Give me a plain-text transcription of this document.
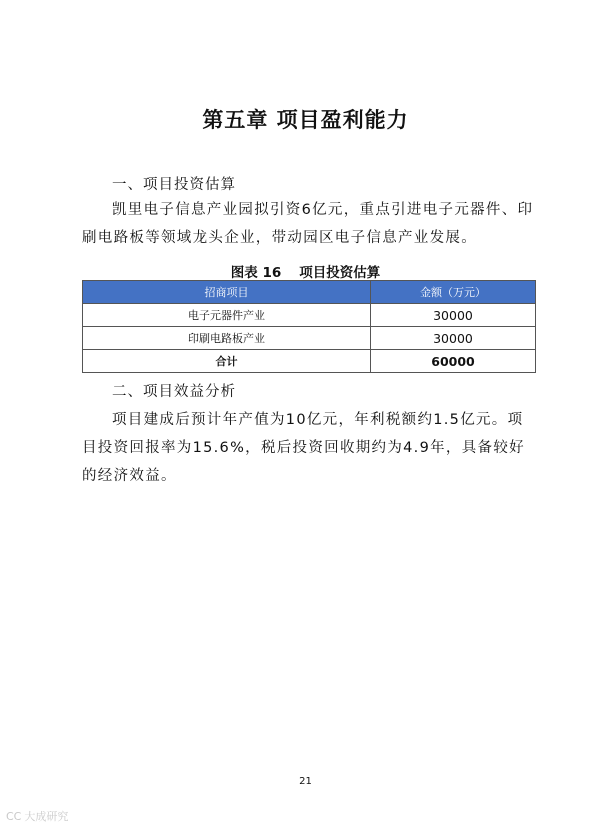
第五章 项目盈利能力
一、项目投资估算

凯里电子信息产业园拟引资6亿元，重点引进电子元器件、印刷电路板等领域龙头企业，带动园区电子信息产业发展。

图表 16 项目投资估算
招商项目	金额（万元）
电子元器件产业	30000
印刷电路板产业	30000
合计	60000
二、项目效益分析

项目建成后预计年产值为10亿元，年利税额约1.5亿元。项目投资回报率为15.6%，税后投资回收期约为4.9年，具备较好的经济效益。

21
CC 大成研究
